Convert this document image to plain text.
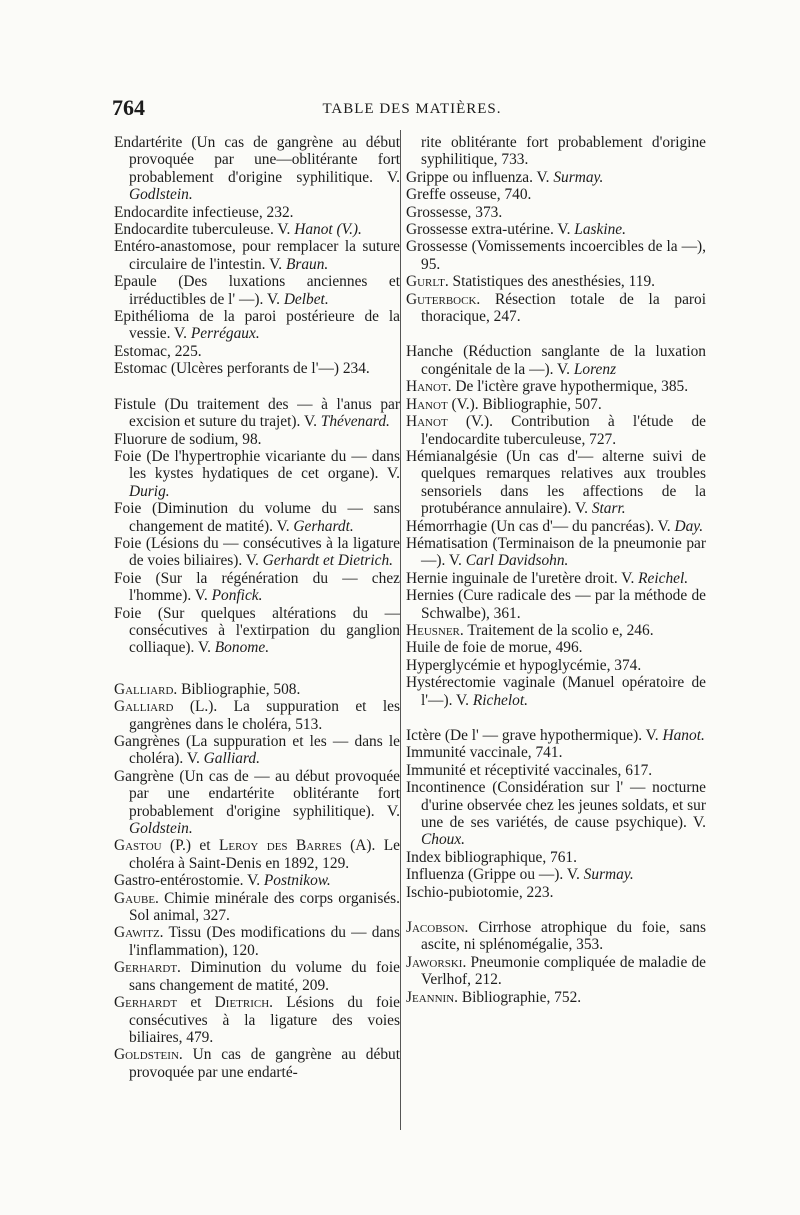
764	TABLE DES MATIÈRES.

Endartérite (Un cas de gangrène au début provoquée par une—oblitérante fort probablement d'origine syphilitique. V. Godlstein.

Endocardite infectieuse, 232.

Endocardite tuberculeuse. V. Hanot (V.).

Entéro-anastomose, pour remplacer la suture circulaire de l'intestin. V. Braun.

Epaule (Des luxations anciennes et irréductibles de l' —). V. Delbet.

Epithélioma de la paroi postérieure de la vessie. V. Perrégaux.

Estomac, 225.

Estomac (Ulcères perforants de l'—) 234.

Fistule (Du traitement des — à l'anus par excision et suture du trajet). V. Thévenard.

Fluorure de sodium, 98.

Foie (De l'hypertrophie vicariante du — dans les kystes hydatiques de cet organe). V. Durig.

Foie (Diminution du volume du — sans changement de matité). V. Gerhardt.

Foie (Lésions du — consécutives à la ligature de voies biliaires). V. Gerhardt et Dietrich.

Foie (Sur la régénération du — chez l'homme). V. Ponfick.

Foie (Sur quelques altérations du — consécutives à l'extirpation du ganglion colliaque). V. Bonome.

Galliard. Bibliographie, 508.

Galliard (L.). La suppuration et les gangrènes dans le choléra, 513.

Gangrènes (La suppuration et les — dans le choléra). V. Galliard.

Gangrène (Un cas de — au début provoquée par une endartérite oblitérante fort probablement d'origine syphilitique). V. Goldstein.

Gastou (P.) et Leroy des Barres (A). Le choléra à Saint-Denis en 1892, 129.

Gastro-entérostomie. V. Postnikow.

Gaube. Chimie minérale des corps organisés. Sol animal, 327.

Gawitz. Tissu (Des modifications du — dans l'inflammation), 120.

Gerhardt. Diminution du volume du foie sans changement de matité, 209.

Gerhardt et Dietrich. Lésions du foie consécutives à la ligature des voies biliaires, 479.

Goldstein. Un cas de gangrène au début provoquée par une endarté-

rite oblitérante fort probablement d'origine syphilitique, 733.

Grippe ou influenza. V. Surmay.

Greffe osseuse, 740.

Grossesse, 373.

Grossesse extra-utérine. V. Laskine.

Grossesse (Vomissements incoercibles de la —), 95.

Gurlt. Statistiques des anesthésies, 119.

Guterbock. Résection totale de la paroi thoracique, 247.

Hanche (Réduction sanglante de la luxation congénitale de la —). V. Lorenz

Hanot. De l'ictère grave hypothermique, 385.

Hanot (V.). Bibliographie, 507.

Hanot (V.). Contribution à l'étude de l'endocardite tuberculeuse, 727.

Hémianalgésie (Un cas d'— alterne suivi de quelques remarques relatives aux troubles sensoriels dans les affections de la protubérance annulaire). V. Starr.

Hémorrhagie (Un cas d'— du pancréas). V. Day.

Hématisation (Terminaison de la pneumonie par —). V. Carl Davidsohn.

Hernie inguinale de l'uretère droit. V. Reichel.

Hernies (Cure radicale des — par la méthode de Schwalbe), 361.

Heusner. Traitement de la scolio e, 246.

Huile de foie de morue, 496.

Hyperglycémie et hypoglycémie, 374.

Hystérectomie vaginale (Manuel opératoire de l'—). V. Richelot.

Ictère (De l' — grave hypothermique). V. Hanot.

Immunité vaccinale, 741.

Immunité et réceptivité vaccinales, 617.

Incontinence (Considération sur l' — nocturne d'urine observée chez les jeunes soldats, et sur une de ses variétés, de cause psychique). V. Choux.

Index bibliographique, 761.

Influenza (Grippe ou —). V. Surmay.

Ischio-pubiotomie, 223.

Jacobson. Cirrhose atrophique du foie, sans ascite, ni splénomégalie, 353.

Jaworski. Pneumonie compliquée de maladie de Verlhof, 212.

Jeannin. Bibliographie, 752.
